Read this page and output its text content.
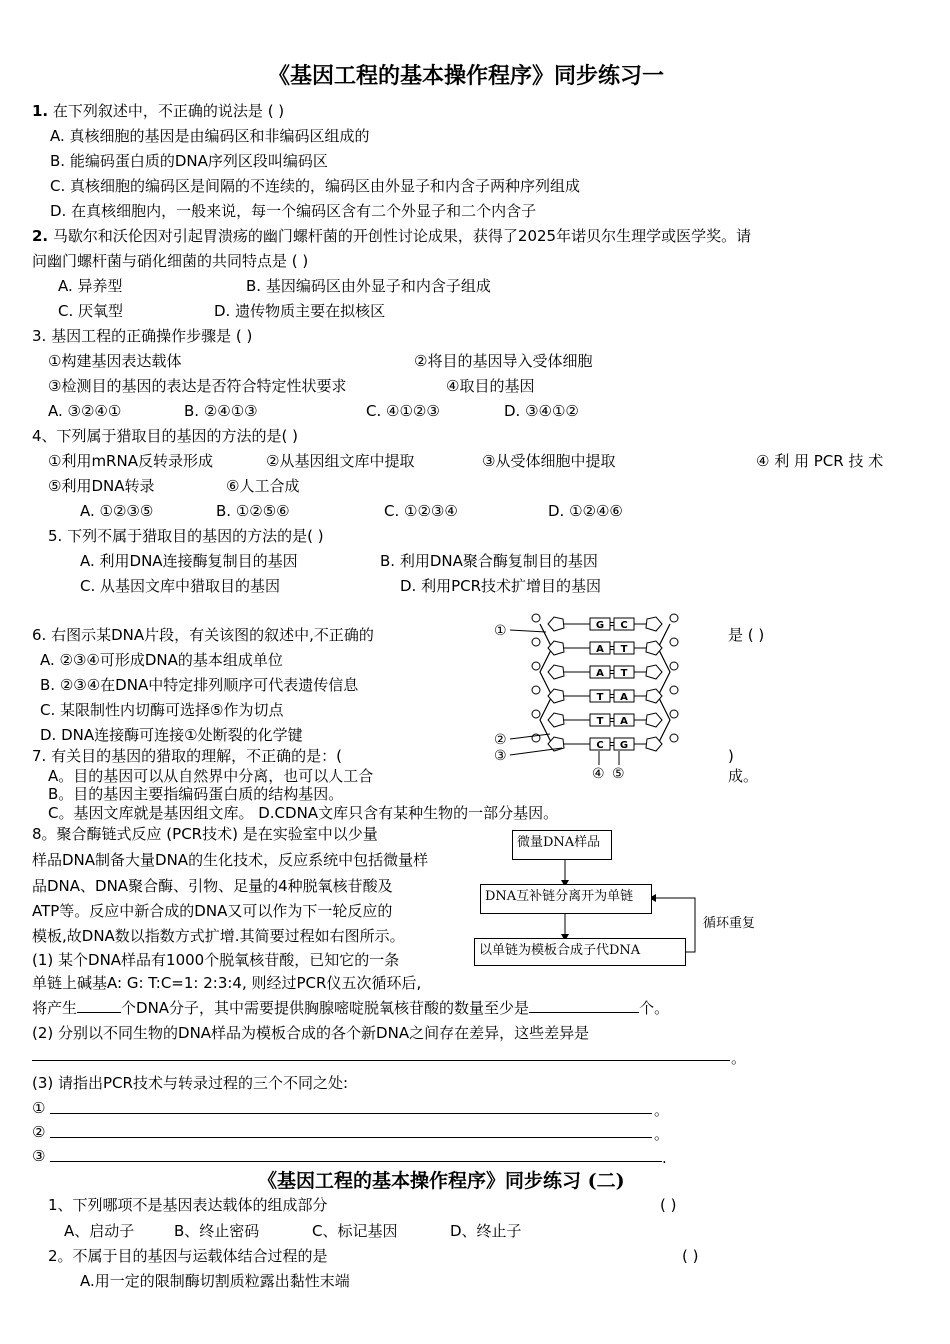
《基因工程的基本操作程序》同步练习一
1. 在下列叙述中，不正确的说法是 ( )
A. 真核细胞的基因是由编码区和非编码区组成的
B. 能编码蛋白质的DNA序列区段叫编码区
C. 真核细胞的编码区是间隔的不连续的，编码区由外显子和内含子两种序列组成
D. 在真核细胞内，一般来说，每一个编码区含有二个外显子和二个内含子
2. 马歇尔和沃伦因对引起胃溃疡的幽门螺杆菌的开创性讨论成果，获得了2025年诺贝尔生理学或医学奖。请
问幽门螺杆菌与硝化细菌的共同特点是 ( )
A. 异养型	B. 基因编码区由外显子和内含子组成
C. 厌氧型	D. 遗传物质主要在拟核区
3. 基因工程的正确操作步骤是 ( )
①构建基因表达载体	②将目的基因导入受体细胞
③检测目的基因的表达是否符合特定性状要求	④取目的基因
A. ③②④①	B. ②④①③	C. ④①②③	D. ③④①②
4、下列属于猎取目的基因的方法的是( )
①利用mRNA反转录形成	②从基因组文库中提取	③从受体细胞中提取	④ 利 用 PCR 技 术
⑤利用DNA转录	⑥人工合成
A. ①②③⑤	B. ①②⑤⑥	C. ①②③④	D. ①②④⑥
5. 下列不属于猎取目的基因的方法的是( )
A. 利用DNA连接酶复制目的基因	B. 利用DNA聚合酶复制目的基因
C. 从基因文库中猎取目的基因	D. 利用PCR技术扩增目的基因
6. 右图示某DNA片段，有关该图的叙述中,不正确的	是 ( )
A. ②③④可形成DNA的基本组成单位
B. ②③④在DNA中特定排列顺序可代表遗传信息
C. 某限制性内切酶可选择⑤作为切点
D. DNA连接酶可连接①处断裂的化学键
G C
A T
A T
T A
T A
C G
①
②
③
④ ⑤
7. 有关目的基因的猎取的理解，不正确的是：(	)
A。目的基因可以从自然界中分离，也可以人工合	成。
B。目的基因主要指编码蛋白质的结构基因。
C。基因文库就是基因组文库。 D.CDNA文库只含有某种生物的一部分基因。
8。聚合酶链式反应 (PCR技术) 是在实验室中以少量
样品DNA制备大量DNA的生化技术，反应系统中包括微量样
品DNA、DNA聚合酶、引物、足量的4种脱氧核苷酸及
ATP等。反应中新合成的DNA又可以作为下一轮反应的
模板,故DNA数以指数方式扩增.其简要过程如右图所示。
(1) 某个DNA样品有1000个脱氧核苷酸，已知它的一条
单链上碱基A: G: T:C=1: 2:3:4, 则经过PCR仪五次循环后,
将产生	个DNA分子，其中需要提供胸腺嘧啶脱氧核苷酸的数量至少是	个。
(2) 分别以不同生物的DNA样品为模板合成的各个新DNA之间存在差异，这些差异是
。
(3) 请指出PCR技术与转录过程的三个不同之处:
①	。
②	。
③	.
微量DNA样品
DNA互补链分离开为单链
以单链为模板合成子代DNA
循环重复
《基因工程的基本操作程序》同步练习 (二)
1、下列哪项不是基因表达载体的组成部分	( )
A、启动子	B、终止密码	C、标记基因	D、终止子
2。不属于目的基因与运载体结合过程的是	( )
A.用一定的限制酶切割质粒露出黏性末端
